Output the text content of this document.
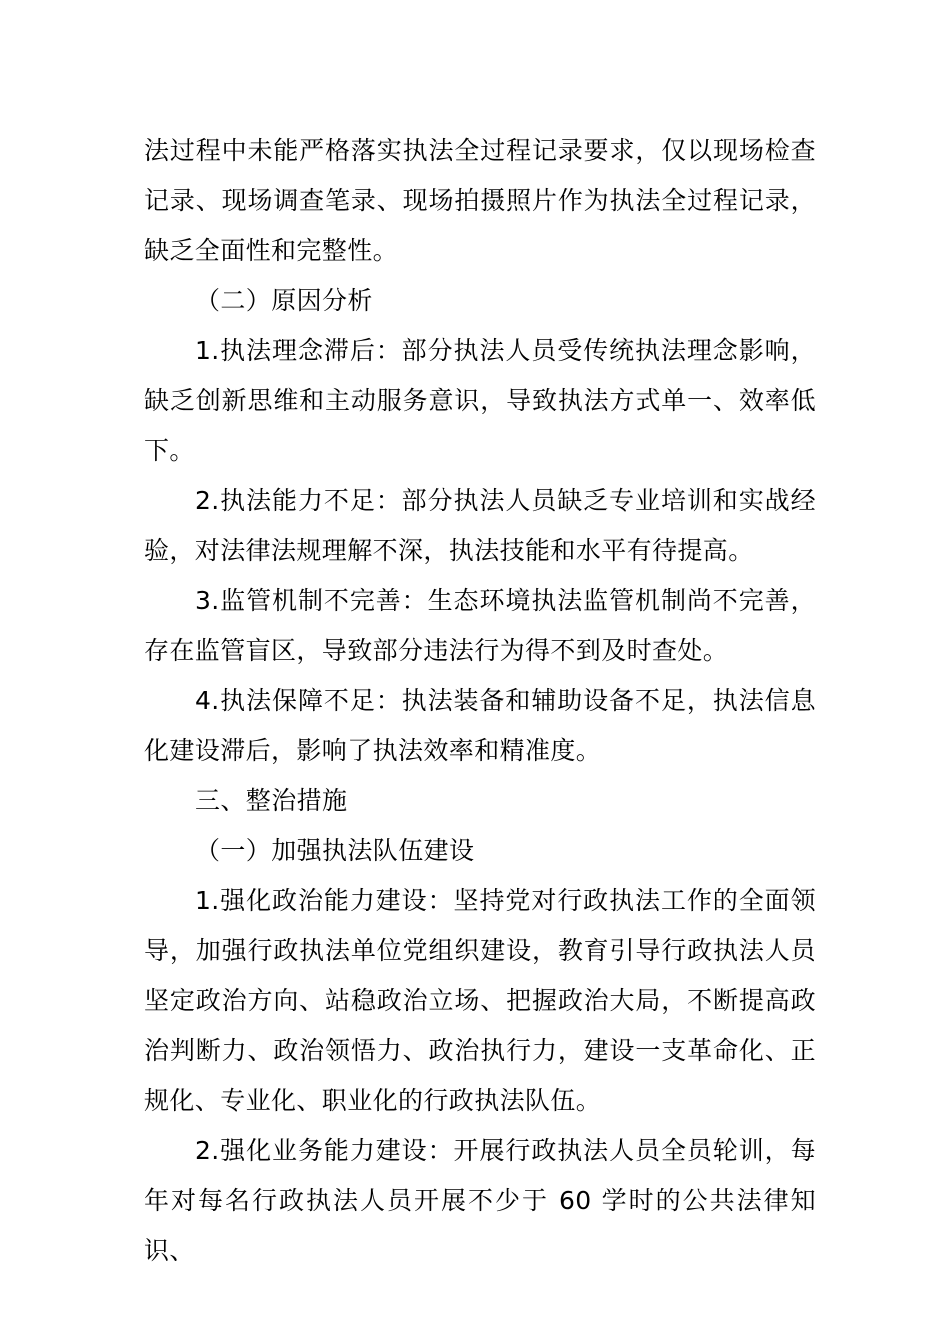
法过程中未能严格落实执法全过程记录要求，仅以现场检查记录、现场调查笔录、现场拍摄照片作为执法全过程记录，缺乏全面性和完整性。

（二）原因分析

1.执法理念滞后：部分执法人员受传统执法理念影响，缺乏创新思维和主动服务意识，导致执法方式单一、效率低下。

2.执法能力不足：部分执法人员缺乏专业培训和实战经验，对法律法规理解不深，执法技能和水平有待提高。

3.监管机制不完善：生态环境执法监管机制尚不完善，存在监管盲区，导致部分违法行为得不到及时查处。

4.执法保障不足：执法装备和辅助设备不足，执法信息化建设滞后，影响了执法效率和精准度。

三、整治措施

（一）加强执法队伍建设

1.强化政治能力建设：坚持党对行政执法工作的全面领导，加强行政执法单位党组织建设，教育引导行政执法人员坚定政治方向、站稳政治立场、把握政治大局，不断提高政治判断力、政治领悟力、政治执行力，建设一支革命化、正规化、专业化、职业化的行政执法队伍。

2.强化业务能力建设：开展行政执法人员全员轮训，每年对每名行政执法人员开展不少于 60 学时的公共法律知识、
